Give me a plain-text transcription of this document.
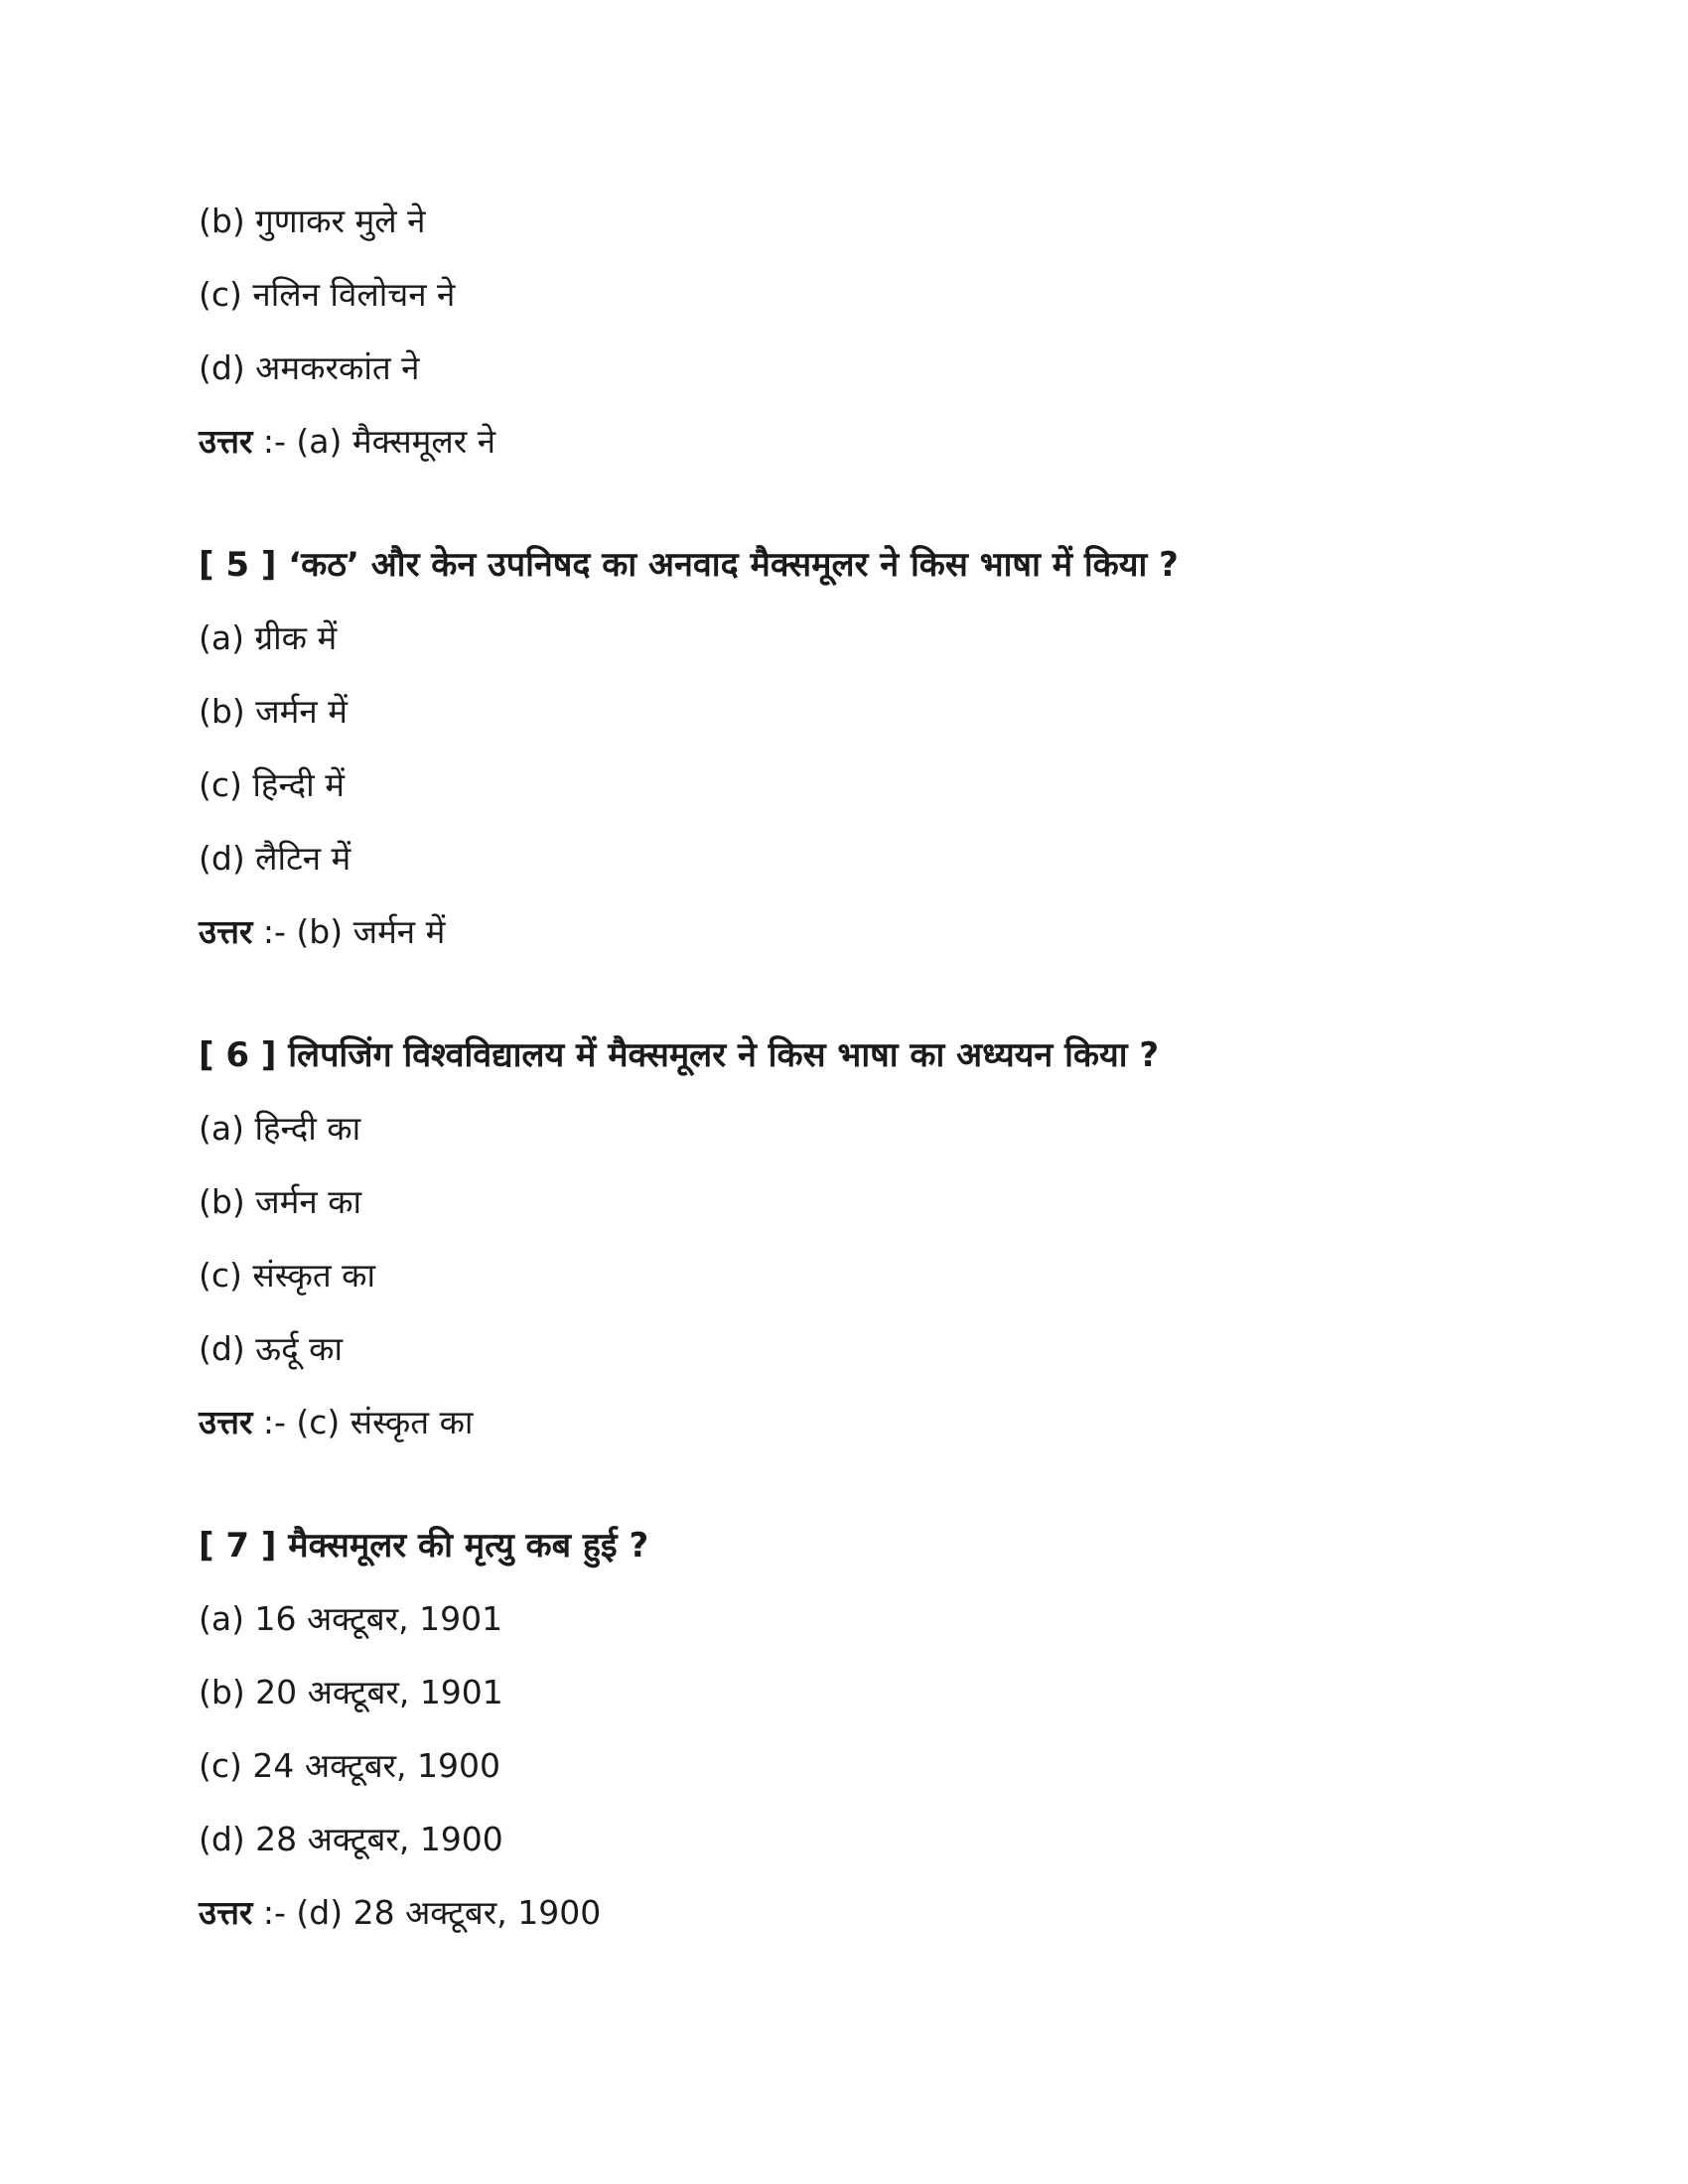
(b) गुणाकर मुले ने
(c) नलिन विलोचन ने
(d) अमकरकांत ने
उत्तर :- (a) मैक्समूलर ने
[ 5 ] ‘कठ’ और केन उपनिषद का अनवाद मैक्समूलर ने किस भाषा में किया ?
(a) ग्रीक में
(b) जर्मन में
(c) हिन्दी में
(d) लैटिन में
उत्तर :- (b) जर्मन में
[ 6 ] लिपजिंग विश्वविद्यालय में मैक्समूलर ने किस भाषा का अध्ययन किया ?
(a) हिन्दी का
(b) जर्मन का
(c) संस्कृत का
(d) ऊर्दू का
उत्तर :- (c) संस्कृत का
[ 7 ] मैक्समूलर की मृत्यु कब हुई ?
(a) 16 अक्टूबर, 1901
(b) 20 अक्टूबर, 1901
(c) 24 अक्टूबर, 1900
(d) 28 अक्टूबर, 1900
उत्तर :- (d) 28 अक्टूबर, 1900
